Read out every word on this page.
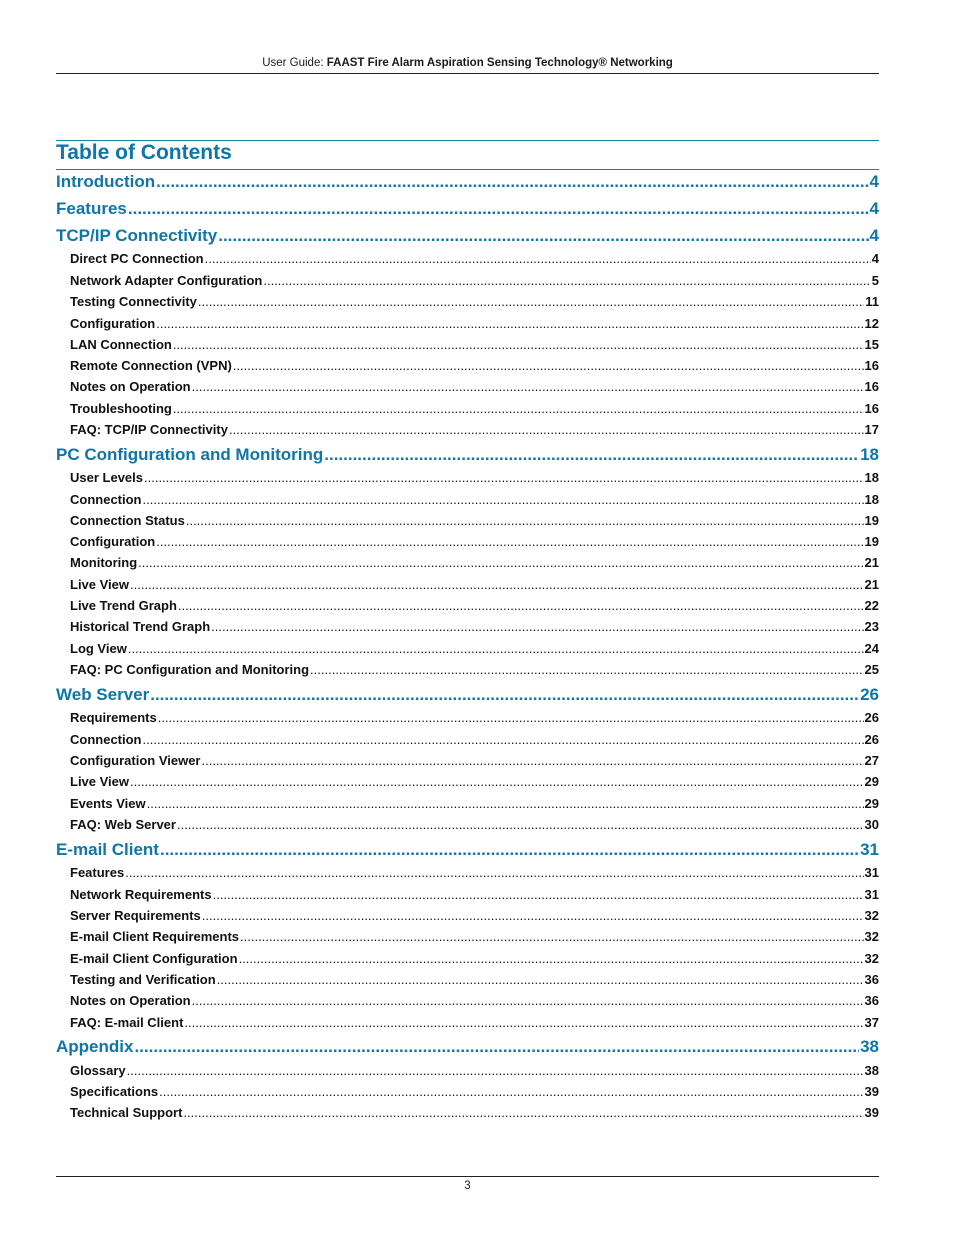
User Guide: FAAST Fire Alarm Aspiration Sensing Technology® Networking
Table of Contents
Introduction .....	4
Features .....	4
TCP/IP Connectivity .....	4
Direct PC Connection .....	4
Network Adapter Configuration .....	5
Testing Connectivity .....	11
Configuration .....	12
LAN Connection .....	15
Remote Connection (VPN) .....	16
Notes on Operation .....	16
Troubleshooting .....	16
FAQ: TCP/IP Connectivity .....	17
PC Configuration and Monitoring .....	18
User Levels .....	18
Connection .....	18
Connection Status .....	19
Configuration .....	19
Monitoring .....	21
Live View .....	21
Live Trend Graph .....	22
Historical Trend Graph .....	23
Log View .....	24
FAQ: PC Configuration and Monitoring .....	25
Web Server .....	26
Requirements .....	26
Connection .....	26
Configuration Viewer .....	27
Live View .....	29
Events View .....	29
FAQ: Web Server .....	30
E-mail Client .....	31
Features .....	31
Network Requirements .....	31
Server Requirements .....	32
E-mail Client Requirements .....	32
E-mail Client Configuration .....	32
Testing and Verification .....	36
Notes on Operation .....	36
FAQ: E-mail Client .....	37
Appendix .....	38
Glossary .....	38
Specifications .....	39
Technical Support .....	39
3
